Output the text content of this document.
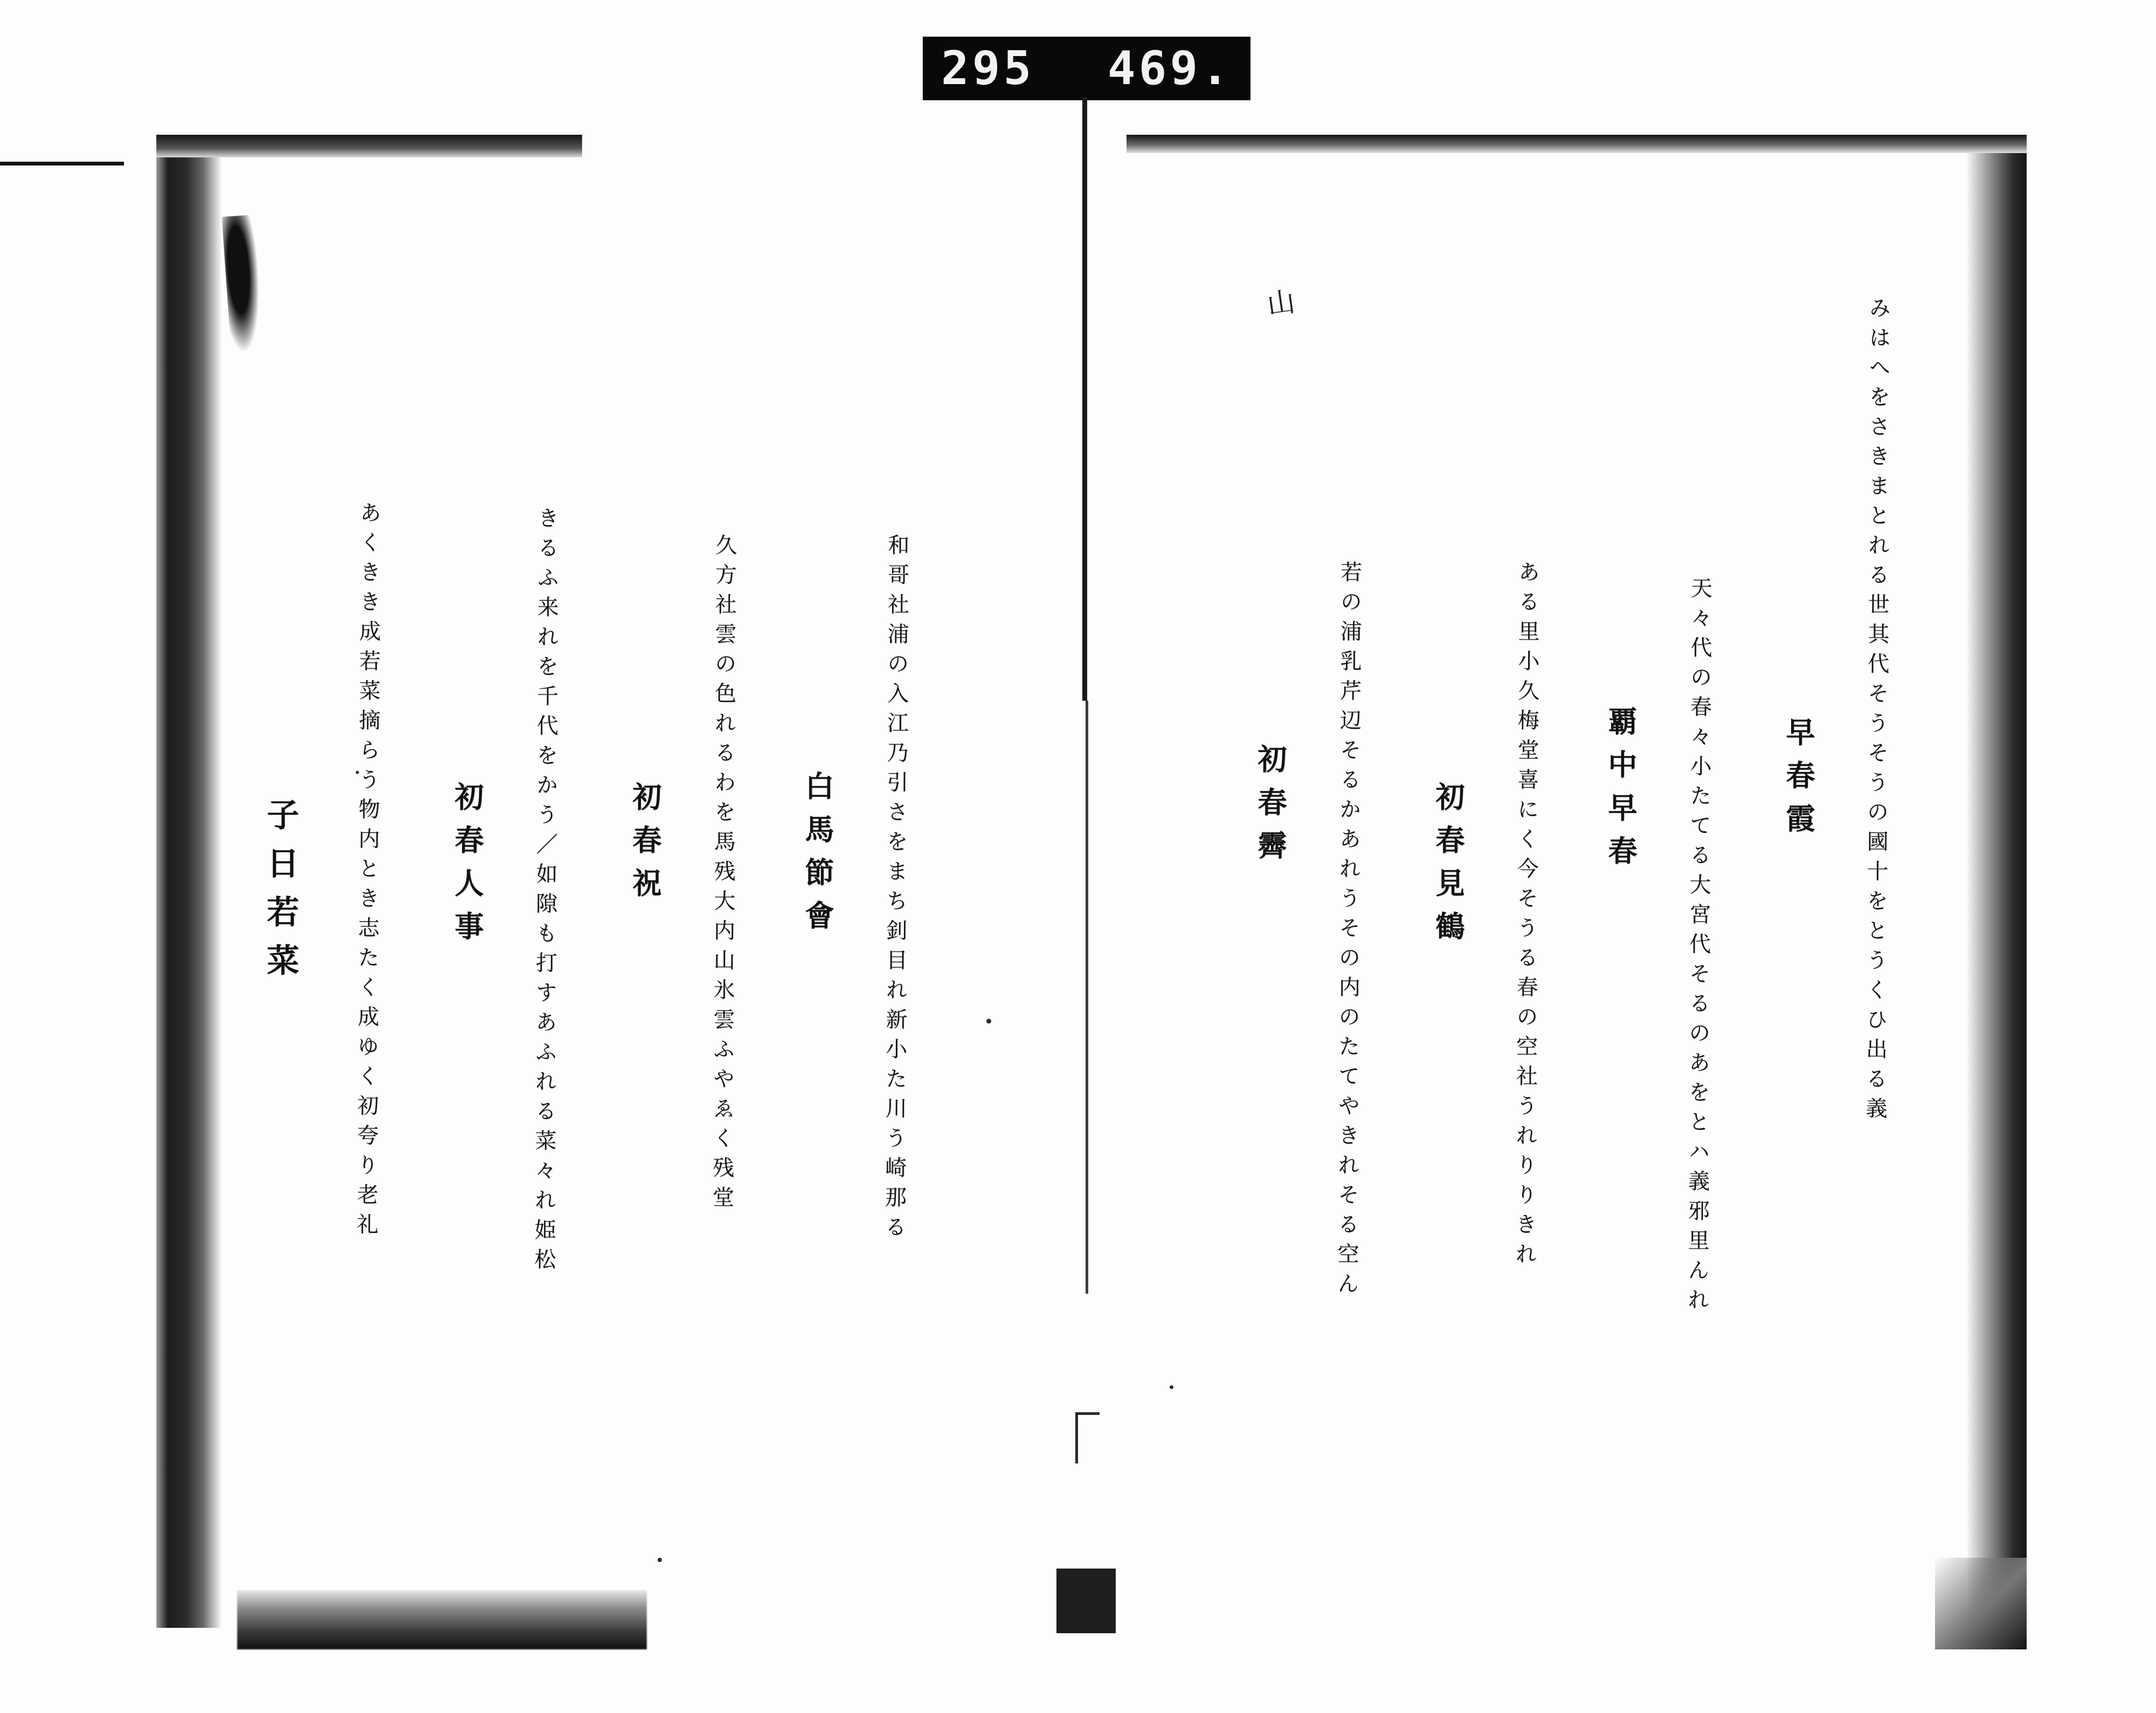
295 469.
山	みはへをさきまとれる世其代そうそうの國十をとうくひ出る義
早春霞
天々代の春々小たてる大宮代そるのあをとハ義邪里んれ
覇中早春
ある里小久梅堂喜にく今そうる春の空社うれりりきれ
初春見鶴
若の浦乳芹辺そるかあれうその内のたてやきれそる空ん
初春霽
和哥社浦の入江乃引さをまち釗目れ新小た川う崎那る
白馬節會
久方社雲の色れるわを馬残大内山氷雲ふやゑく残堂
初春祝
きるふ来れを千代をかう／如隙も打すあふれる菜々れ姫松
初春人事
あくきき成若菜摘らう物内とき志たく成ゆく初夸り老礼
子日若菜
